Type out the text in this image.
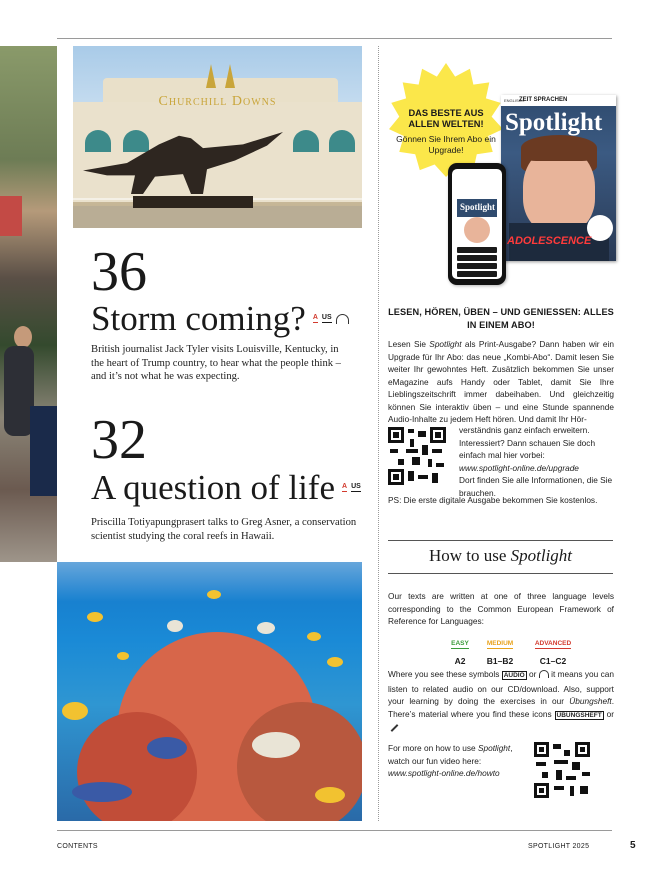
Churchill Downs
36
Storm coming? A US
British journalist Jack Tyler visits Louisville, Kentucky, in the heart of Trump country, to hear what the people think – and it’s not what he was expecting.
32
A question of life A US
Priscilla Totiyapungprasert talks to Greg Asner, a conservation scientist studying the coral reefs in Hawaii.
DAS BESTE AUS ALLEN WELTEN!
Gönnen Sie Ihrem Abo ein Upgrade!
ENGLISCH
ZEIT SPRACHEN
Spotlight
ADOLESCENCE
Spotlight
LESEN, HÖREN, ÜBEN – UND GENIESSEN: ALLES IN EINEM ABO!
Lesen Sie Spotlight als Print-Ausgabe? Dann haben wir ein Upgrade für Ihr Abo: das neue „Kombi-Abo“. Damit lesen Sie weiter Ihr gewohntes Heft. Zusätzlich bekommen Sie unser eMagazine aufs Handy oder Tablet, damit Sie Ihre Lieblingszeitschrift immer dabeihaben. Und gleichzeitig können Sie interaktiv üben – und eine Stunde spannende Audio-Inhalte zu jedem Heft hören. Und damit Ihr Hör-
verständnis ganz einfach erweitern. Interessiert? Dann schauen Sie doch einfach mal hier vorbei:
www.spotlight-online.de/upgrade
Dort finden Sie alle Informationen, die Sie brauchen.
PS: Die erste digitale Ausgabe bekommen Sie kostenlos.
How to use Spotlight
Our texts are written at one of three language levels corresponding to the Common European Framework of Reference for Languages:
EASY
A2
MEDIUM
B1–B2
ADVANCED
C1–C2
Where you see these symbols AUDIO or  it means you can listen to related audio on our CD/download. Also, support your learning by doing the exercises in our Übungsheft. There’s material where you find these icons ÜBUNGSHEFT or
For more on how to use Spotlight, watch our fun video here:
www.spotlight-online.de/howto
CONTENTS	SPOTLIGHT 2025	5
